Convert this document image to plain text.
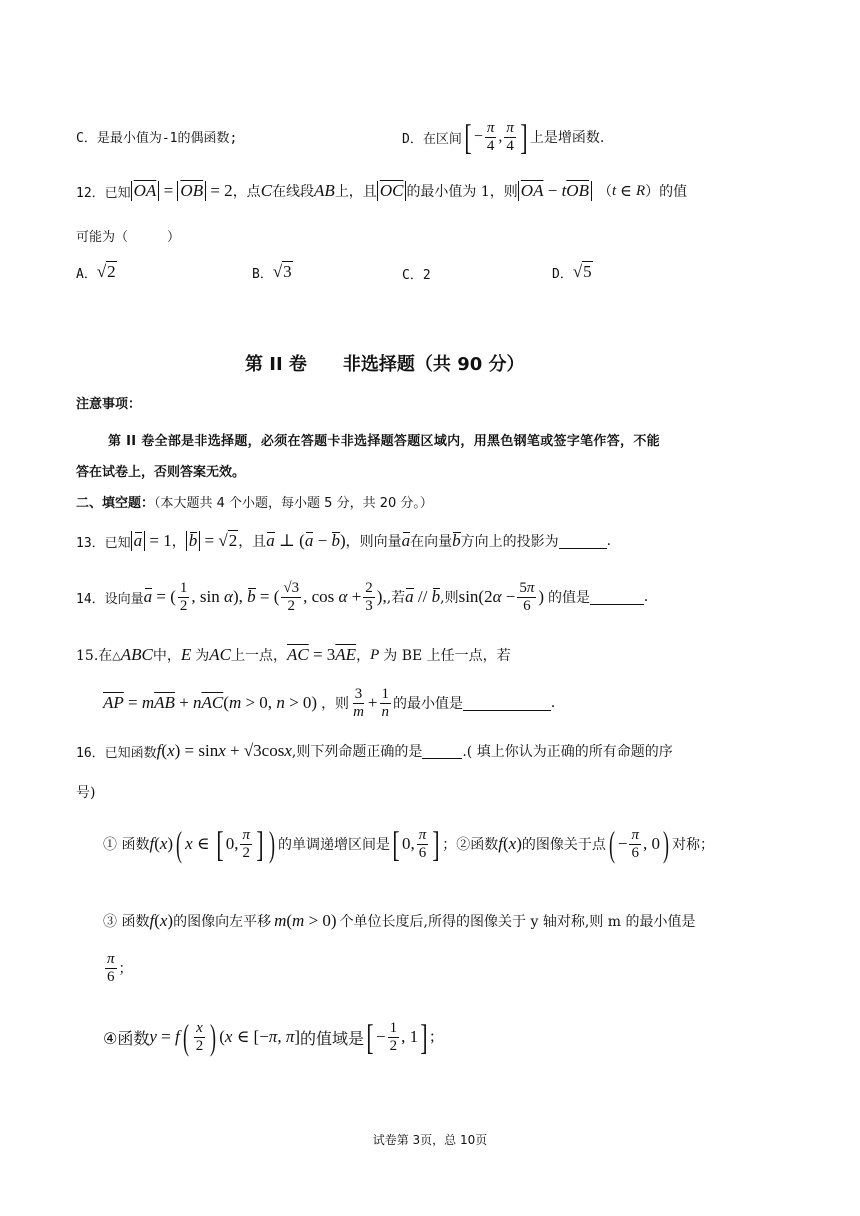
C．是最小值为-1的偶函数;	D．在区间 [ − $\frac{\pi}{4}$ , $\frac{\pi}{4}$ ] 上是增函数.
12．已知 $\overline{OA} = \overline{OB} = 2$ ，点 C 在线段 AB 上，且 $\overline{OC}$ 的最小值为 1，则 $\overline{OA} - t\overline{OB}$ （ t ∈ R ）的值
可能为（　　　）
A． √2	B． √3	C．2	D． √5
第 II 卷　　非选择题（共 90 分）
注意事项：
第 II 卷全部是非选择题，必须在答题卡非选择题答题区域内，用黑色钢笔或签字笔作答，不能
答在试卷上，否则答案无效。
二、填空题：（本大题共 4 个小题，每小题 5 分，共 20 分。）
13．已知 a = 1 ， b = √2 ，且 a ⊥ ( a − b ) ，则向量 a 在向量 b 方向上的投影为	.
14．设向量 a = ( $\frac{1}{2}$ , sin α), b = ( $\frac{√3}{2}$ , $\cos \alpha + \frac{2}{3}$ ), ,若 a // b ,则 $\sin(2\alpha - \frac{5\pi}{6}$ ) 的值是	.
15.在 △ ABC 中， E 为 AC 上一点， $\overline{AC} = 3\overline{AE}$ ， P 为 BE 上任一点，若
$\overline{AP} = m\overline{AB} + n\overline{AC}(m > 0$, n > 0) ，则 $\frac{3}{m} + \frac{1}{n}$ 的最小值是	.
16．已知函数 f ( x ) = sinx + √3cosx ,则下列命题正确的是	.( 填上你认为正确的所有命题的序
号)
① 函数 f ( x ) ( x ∈ [ 0, $\frac{\pi}{2}$ ] ) 的单调递增区间是 [ 0, $\frac{\pi}{6}$ ] ；②函数 f ( x ) 的图像关于点 ( − $\frac{\pi}{6}$ , 0 ) 对称；
③ 函数 f ( x ) 的图像向左平移 m(m > 0) 个单位长度后,所得的图像关于 y 轴对称,则 m 的最小值是
$\frac{\pi}{6}$ ；
④函数 y = f ( $\frac{x}{2}$ ) (x ∈ [−π, π] 的值域是 [ − $\frac{1}{2}$ , 1 ] ;
试卷第 3页，总 10页
